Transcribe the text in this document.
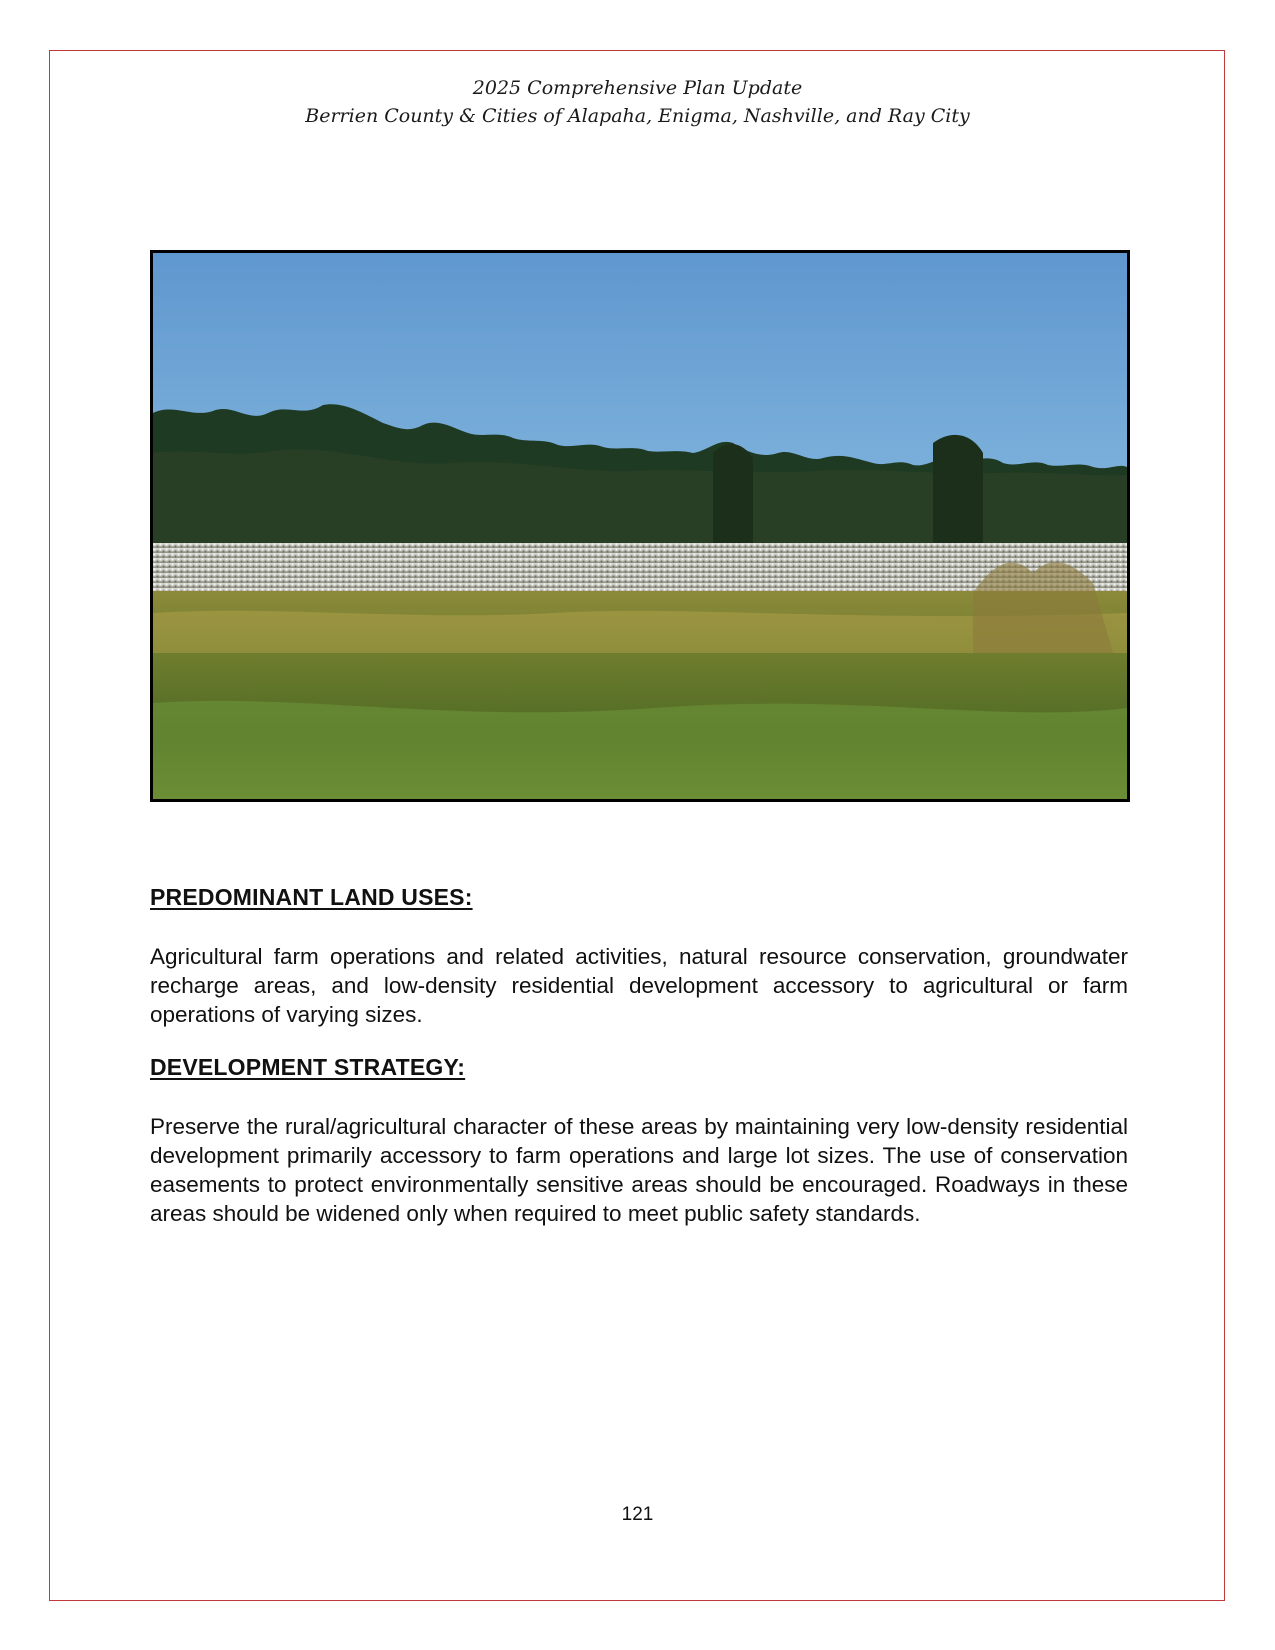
2025 Comprehensive Plan Update
Berrien County & Cities of Alapaha, Enigma, Nashville, and Ray City
PREDOMINANT LAND USES:
Agricultural farm operations and related activities, natural resource conservation, groundwater recharge areas, and low-density residential development accessory to agricultural or farm operations of varying sizes.
DEVELOPMENT STRATEGY:
Preserve the rural/agricultural character of these areas by maintaining very low-density residential development primarily accessory to farm operations and large lot sizes. The use of conservation easements to protect environmentally sensitive areas should be encouraged. Roadways in these areas should be widened only when required to meet public safety standards.
121
